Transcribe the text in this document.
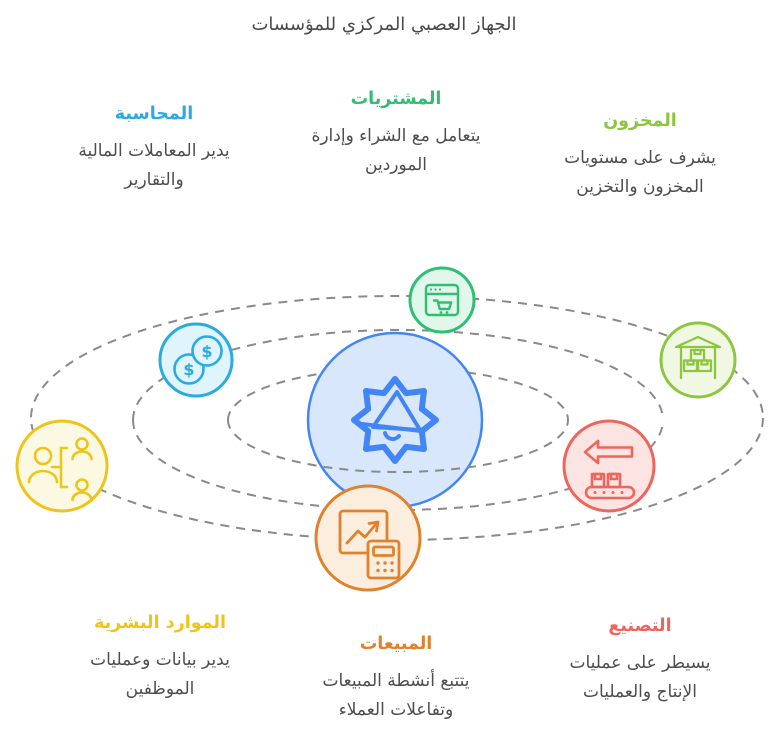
الجهاز العصبي المركزي للمؤسسات
المحاسبة
يدير المعاملات المالية
والتقارير
المشتريات
يتعامل مع الشراء وإدارة
الموردين
المخزون
يشرف على مستويات
المخزون والتخزين
الموارد البشرية
يدير بيانات وعمليات
الموظفين
المبيعات
يتتبع أنشطة المبيعات
وتفاعلات العملاء
التصنيع
يسيطر على عمليات
الإنتاج والعمليات
$
$
